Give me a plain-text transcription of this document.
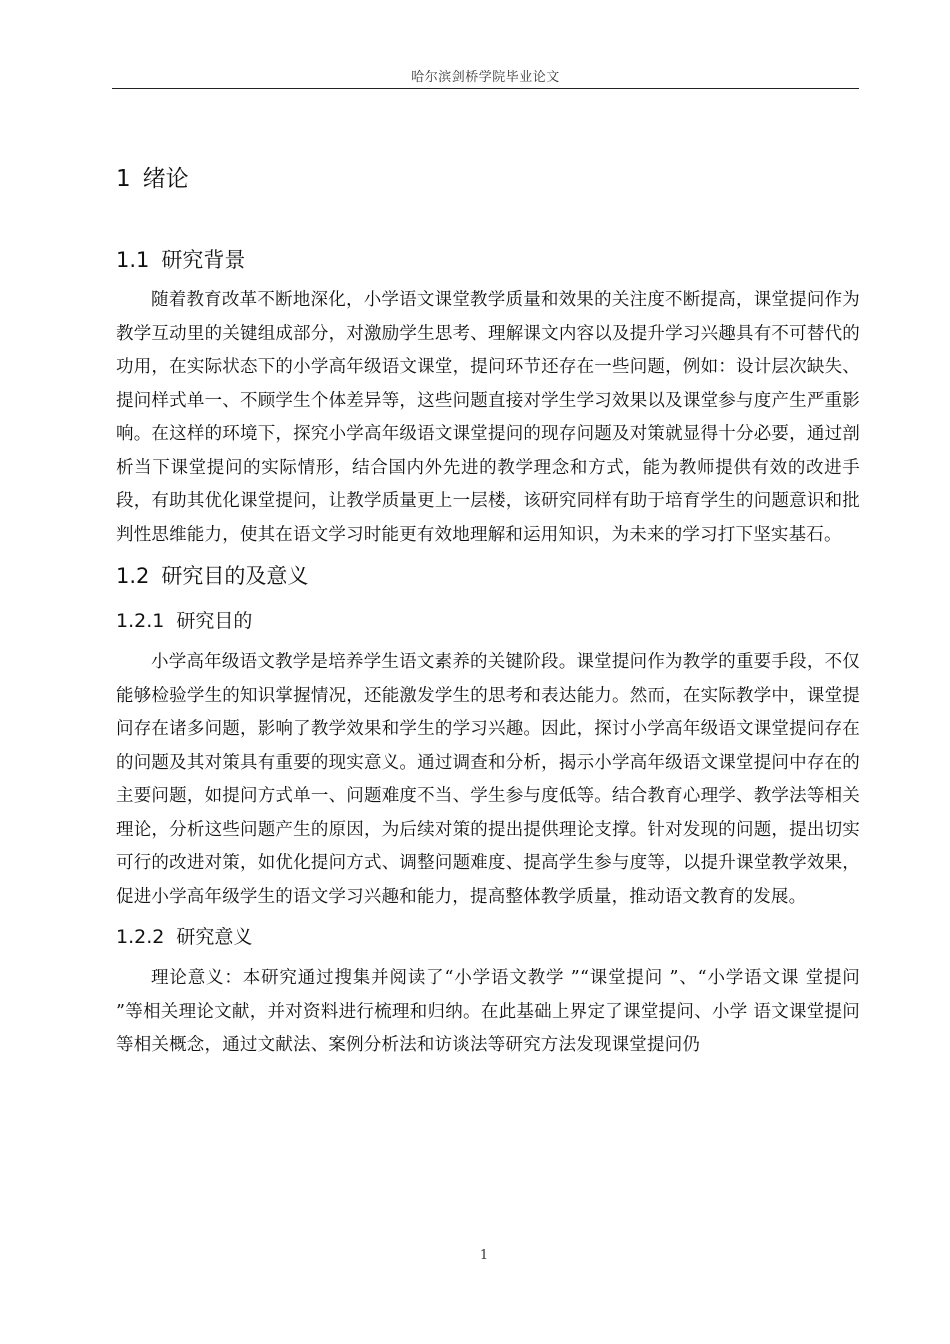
哈尔滨剑桥学院毕业论文
1 绪论
1.1 研究背景

随着教育改革不断地深化，小学语文课堂教学质量和效果的关注度不断提高，课堂提问作为教学互动里的关键组成部分，对激励学生思考、理解课文内容以及提升学习兴趣具有不可替代的功用，在实际状态下的小学高年级语文课堂，提问环节还存在一些问题，例如：设计层次缺失、提问样式单一、不顾学生个体差异等，这些问题直接对学生学习效果以及课堂参与度产生严重影响。在这样的环境下，探究小学高年级语文课堂提问的现存问题及对策就显得十分必要，通过剖析当下课堂提问的实际情形，结合国内外先进的教学理念和方式，能为教师提供有效的改进手段，有助其优化课堂提问，让教学质量更上一层楼，该研究同样有助于培育学生的问题意识和批判性思维能力，使其在语文学习时能更有效地理解和运用知识，为未来的学习打下坚实基石。

1.2 研究目的及意义
1.2.1 研究目的

小学高年级语文教学是培养学生语文素养的关键阶段。课堂提问作为教学的重要手段，不仅能够检验学生的知识掌握情况，还能激发学生的思考和表达能力。然而，在实际教学中，课堂提问存在诸多问题，影响了教学效果和学生的学习兴趣。因此，探讨小学高年级语文课堂提问存在的问题及其对策具有重要的现实意义。通过调查和分析，揭示小学高年级语文课堂提问中存在的主要问题，如提问方式单一、问题难度不当、学生参与度低等。结合教育心理学、教学法等相关理论，分析这些问题产生的原因，为后续对策的提出提供理论支撑。针对发现的问题，提出切实可行的改进对策，如优化提问方式、调整问题难度、提高学生参与度等，以提升课堂教学效果，促进小学高年级学生的语文学习兴趣和能力，提高整体教学质量，推动语文教育的发展。

1.2.2 研究意义

理论意义：本研究通过搜集并阅读了“小学语文教学 ”“课堂提问 ”、“小学语文课 堂提问 ”等相关理论文献，并对资料进行梳理和归纳。在此基础上界定了课堂提问、小学 语文课堂提问等相关概念，通过文献法、案例分析法和访谈法等研究方法发现课堂提问仍

1
